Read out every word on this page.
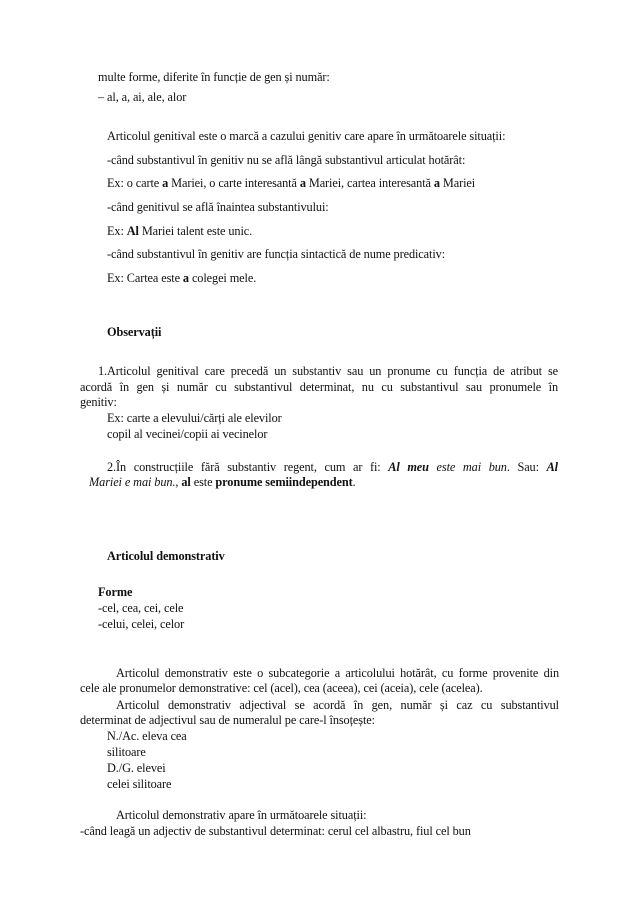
multe forme, diferite în funcție de gen și număr:
– al, a, ai, ale, alor
Articolul genitival este o marcă a cazului genitiv care apare în următoarele situații:
-când substantivul în genitiv nu se află lângă substantivul articulat hotărât:
Ex: o carte a Mariei, o carte interesantă a Mariei, cartea interesantă a Mariei
-când genitivul se află înaintea substantivului:
Ex: Al Mariei talent este unic.
-când substantivul în genitiv are funcția sintactică de nume predicativ:
Ex: Cartea este a colegei mele.
Observații
1.Articolul genitival care precedă un substantiv sau un pronume cu funcția de atribut se
acordă în gen și număr cu substantivul determinat, nu cu substantivul sau pronumele în
genitiv:
Ex: carte a elevului/cărți ale elevilor
copil al vecinei/copii ai vecinelor
2.În construcțiile fără substantiv regent, cum ar fi: Al meu este mai bun. Sau: Al
Mariei e mai bun., al este pronume semiindependent.
Articolul demonstrativ
Forme
-cel, cea, cei, cele
-celui, celei, celor
Articolul demonstrativ este o subcategorie a articolului hotărât, cu forme provenite din
cele ale pronumelor demonstrative: cel (acel), cea (aceea), cei (aceia), cele (acelea).
Articolul demonstrativ adjectival se acordă în gen, număr și caz cu substantivul
determinat de adjectivul sau de numeralul pe care-l însoțește:
N./Ac. eleva cea
silitoare
D./G. elevei
celei silitoare
Articolul demonstrativ apare în următoarele situații:
-când leagă un adjectiv de substantivul determinat: cerul cel albastru, fiul cel bun
